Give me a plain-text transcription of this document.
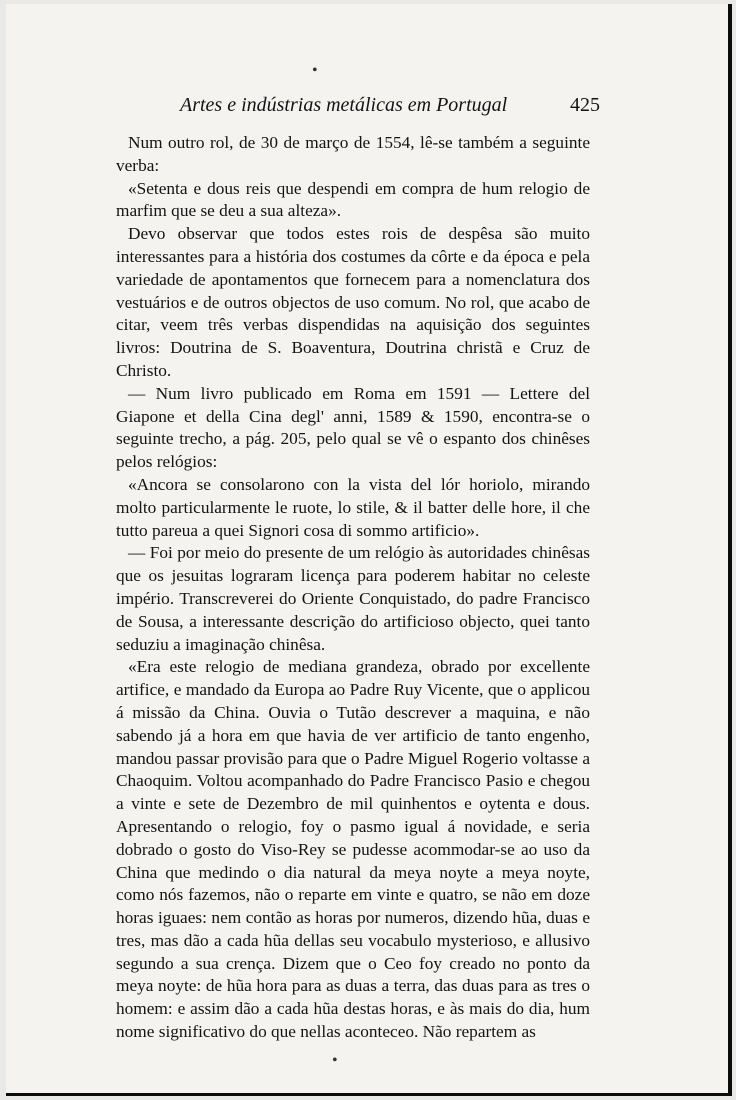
Artes e indústrias metálicas em Portugal	425
•

Num outro rol, de 30 de março de 1554, lê-se também a seguinte verba:

«Setenta e dous reis que despendi em compra de hum relogio de marfim que se deu a sua alteza».

Devo observar que todos estes rois de despêsa são muito interessantes para a história dos costumes da côrte e da época e pela variedade de apontamentos que fornecem para a nomenclatura dos vestuários e de outros objectos de uso comum. No rol, que acabo de citar, veem três verbas dispendidas na aquisição dos seguintes livros: Doutrina de S. Boaventura, Doutrina christã e Cruz de Christo.

— Num livro publicado em Roma em 1591 — Lettere del Giapone et della Cina degl' anni, 1589 & 1590, encontra-se o seguinte trecho, a pág. 205, pelo qual se vê o espanto dos chinêses pelos relógios:

«Ancora se consolarono con la vista del lór horiolo, mirando molto particularmente le ruote, lo stile, & il batter delle hore, il che tutto pareua a quei Signori cosa di sommo artificio».

— Foi por meio do presente de um relógio às autoridades chinêsas que os jesuitas lograram licença para poderem habitar no celeste império. Transcreverei do Oriente Conquistado, do padre Francisco de Sousa, a interessante descrição do artificioso objecto, quei tanto seduziu a imaginação chinêsa.

«Era este relogio de mediana grandeza, obrado por excellente artifice, e mandado da Europa ao Padre Ruy Vicente, que o applicou á missão da China. Ouvia o Tutão descrever a maquina, e não sabendo já a hora em que havia de ver artificio de tanto engenho, mandou passar provisão para que o Padre Miguel Rogerio voltasse a Chaoquim. Voltou acompanhado do Padre Francisco Pasio e chegou a vinte e sete de Dezembro de mil quinhentos e oytenta e dous. Apresentando o relogio, foy o pasmo igual á novidade, e seria dobrado o gosto do Viso-Rey se pudesse acommodar-se ao uso da China que medindo o dia natural da meya noyte a meya noyte, como nós fazemos, não o reparte em vinte e quatro, se não em doze horas iguaes: nem contão as horas por numeros, dizendo hũa, duas e tres, mas dão a cada hũa dellas seu vocabulo mysterioso, e allusivo segundo a sua crença. Dizem que o Ceo foy creado no ponto da meya noyte: de hũa hora para as duas a terra, das duas para as tres o homem: e assim dão a cada hũa destas horas, e às mais do dia, hum nome significativo do que nellas aconteceo. Não repartem as

•
